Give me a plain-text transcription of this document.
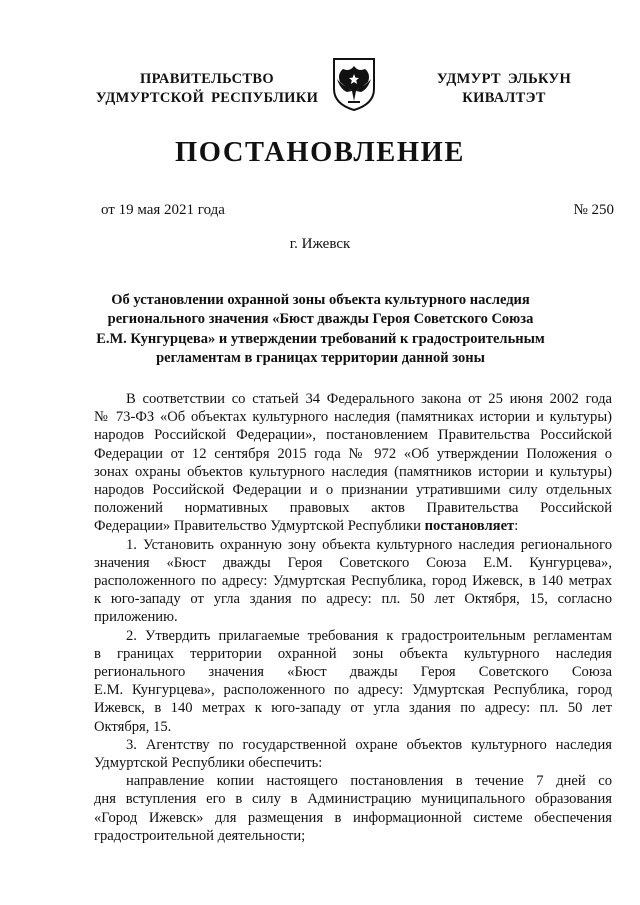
ПРАВИТЕЛЬСТВО
УДМУРТСКОЙ РЕСПУБЛИКИ
УДМУРТ ЭЛЬКУН
КИВАЛТЭТ
ПОСТАНОВЛЕНИЕ
от 19 мая 2021 года	№ 250
г. Ижевск
Об установлении охранной зоны объекта культурного наследия
регионального значения «Бюст дважды Героя Советского Союза
Е.М. Кунгурцева» и утверждении требований к градостроительным
регламентам в границах территории данной зоны
В соответствии со статьей 34 Федерального закона от 25 июня 2002 года
№ 73-ФЗ «Об объектах культурного наследия (памятниках истории и культуры)
народов Российской Федерации», постановлением Правительства Российской
Федерации от 12 сентября 2015 года № 972 «Об утверждении Положения о
зонах охраны объектов культурного наследия (памятников истории и культуры)
народов Российской Федерации и о признании утратившими силу отдельных
положений нормативных правовых актов Правительства Российской
Федерации» Правительство Удмуртской Республики постановляет:
1. Установить охранную зону объекта культурного наследия регионального
значения «Бюст дважды Героя Советского Союза Е.М. Кунгурцева»,
расположенного по адресу: Удмуртская Республика, город Ижевск, в 140 метрах
к юго-западу от угла здания по адресу: пл. 50 лет Октября, 15, согласно
приложению.
2. Утвердить прилагаемые требования к градостроительным регламентам
в границах территории охранной зоны объекта культурного наследия
регионального значения «Бюст дважды Героя Советского Союза
Е.М. Кунгурцева», расположенного по адресу: Удмуртская Республика, город
Ижевск, в 140 метрах к юго-западу от угла здания по адресу: пл. 50 лет
Октября, 15.
3. Агентству по государственной охране объектов культурного наследия
Удмуртской Республики обеспечить:
направление копии настоящего постановления в течение 7 дней со
дня вступления его в силу в Администрацию муниципального образования
«Город Ижевск» для размещения в информационной системе обеспечения
градостроительной деятельности;
